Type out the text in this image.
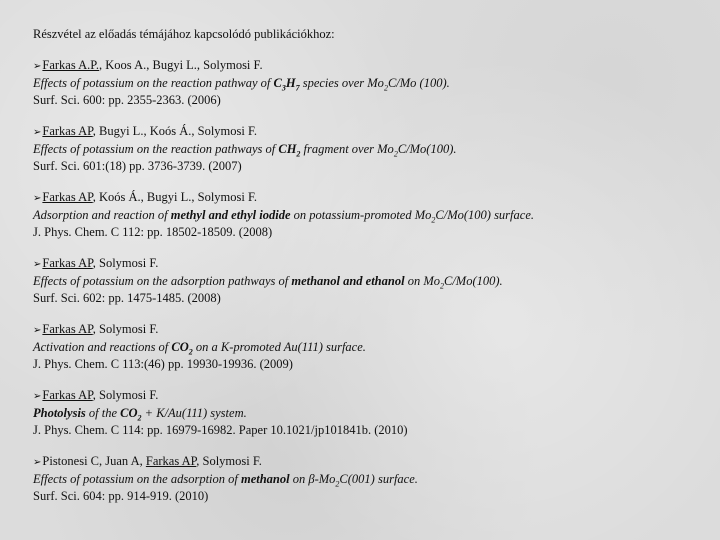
Részvétel az előadás témájához kapcsolódó publikációkhoz:
➢Farkas A.P., Koos A., Bugyi L., Solymosi F.
Effects of potassium on the reaction pathway of $C_3H_7$ species over $Mo_2C/Mo$ (100).
Surf. Sci. 600: pp. 2355-2363. (2006)
➢Farkas AP, Bugyi L., Koós Á., Solymosi F.
Effects of potassium on the reaction pathways of $CH_2$ fragment over $Mo_2C/Mo(100)$.
Surf. Sci. 601:(18) pp. 3736-3739. (2007)
➢Farkas AP, Koós Á., Bugyi L., Solymosi F.
Adsorption and reaction of methyl and ethyl iodide on potassium-promoted $Mo_2C/Mo(100)$ surface.
J. Phys. Chem. C 112: pp. 18502-18509. (2008)
➢Farkas AP, Solymosi F.
Effects of potassium on the adsorption pathways of methanol and ethanol on $Mo_2C/Mo(100)$.
Surf. Sci. 602: pp. 1475-1485. (2008)
➢Farkas AP, Solymosi F.
Activation and reactions of $CO_2$ on a K-promoted Au(111) surface.
J. Phys. Chem. C 113:(46) pp. 19930-19936. (2009)
➢Farkas AP, Solymosi F.
Photolysis of the $CO_2 + K/Au(111)$ system.
J. Phys. Chem. C 114: pp. 16979-16982. Paper 10.1021/jp101841b. (2010)
➢Pistonesi C, Juan A, Farkas AP, Solymosi F.
Effects of potassium on the adsorption of methanol on $\beta-Mo_2C(001)$ surface.
Surf. Sci. 604: pp. 914-919. (2010)
